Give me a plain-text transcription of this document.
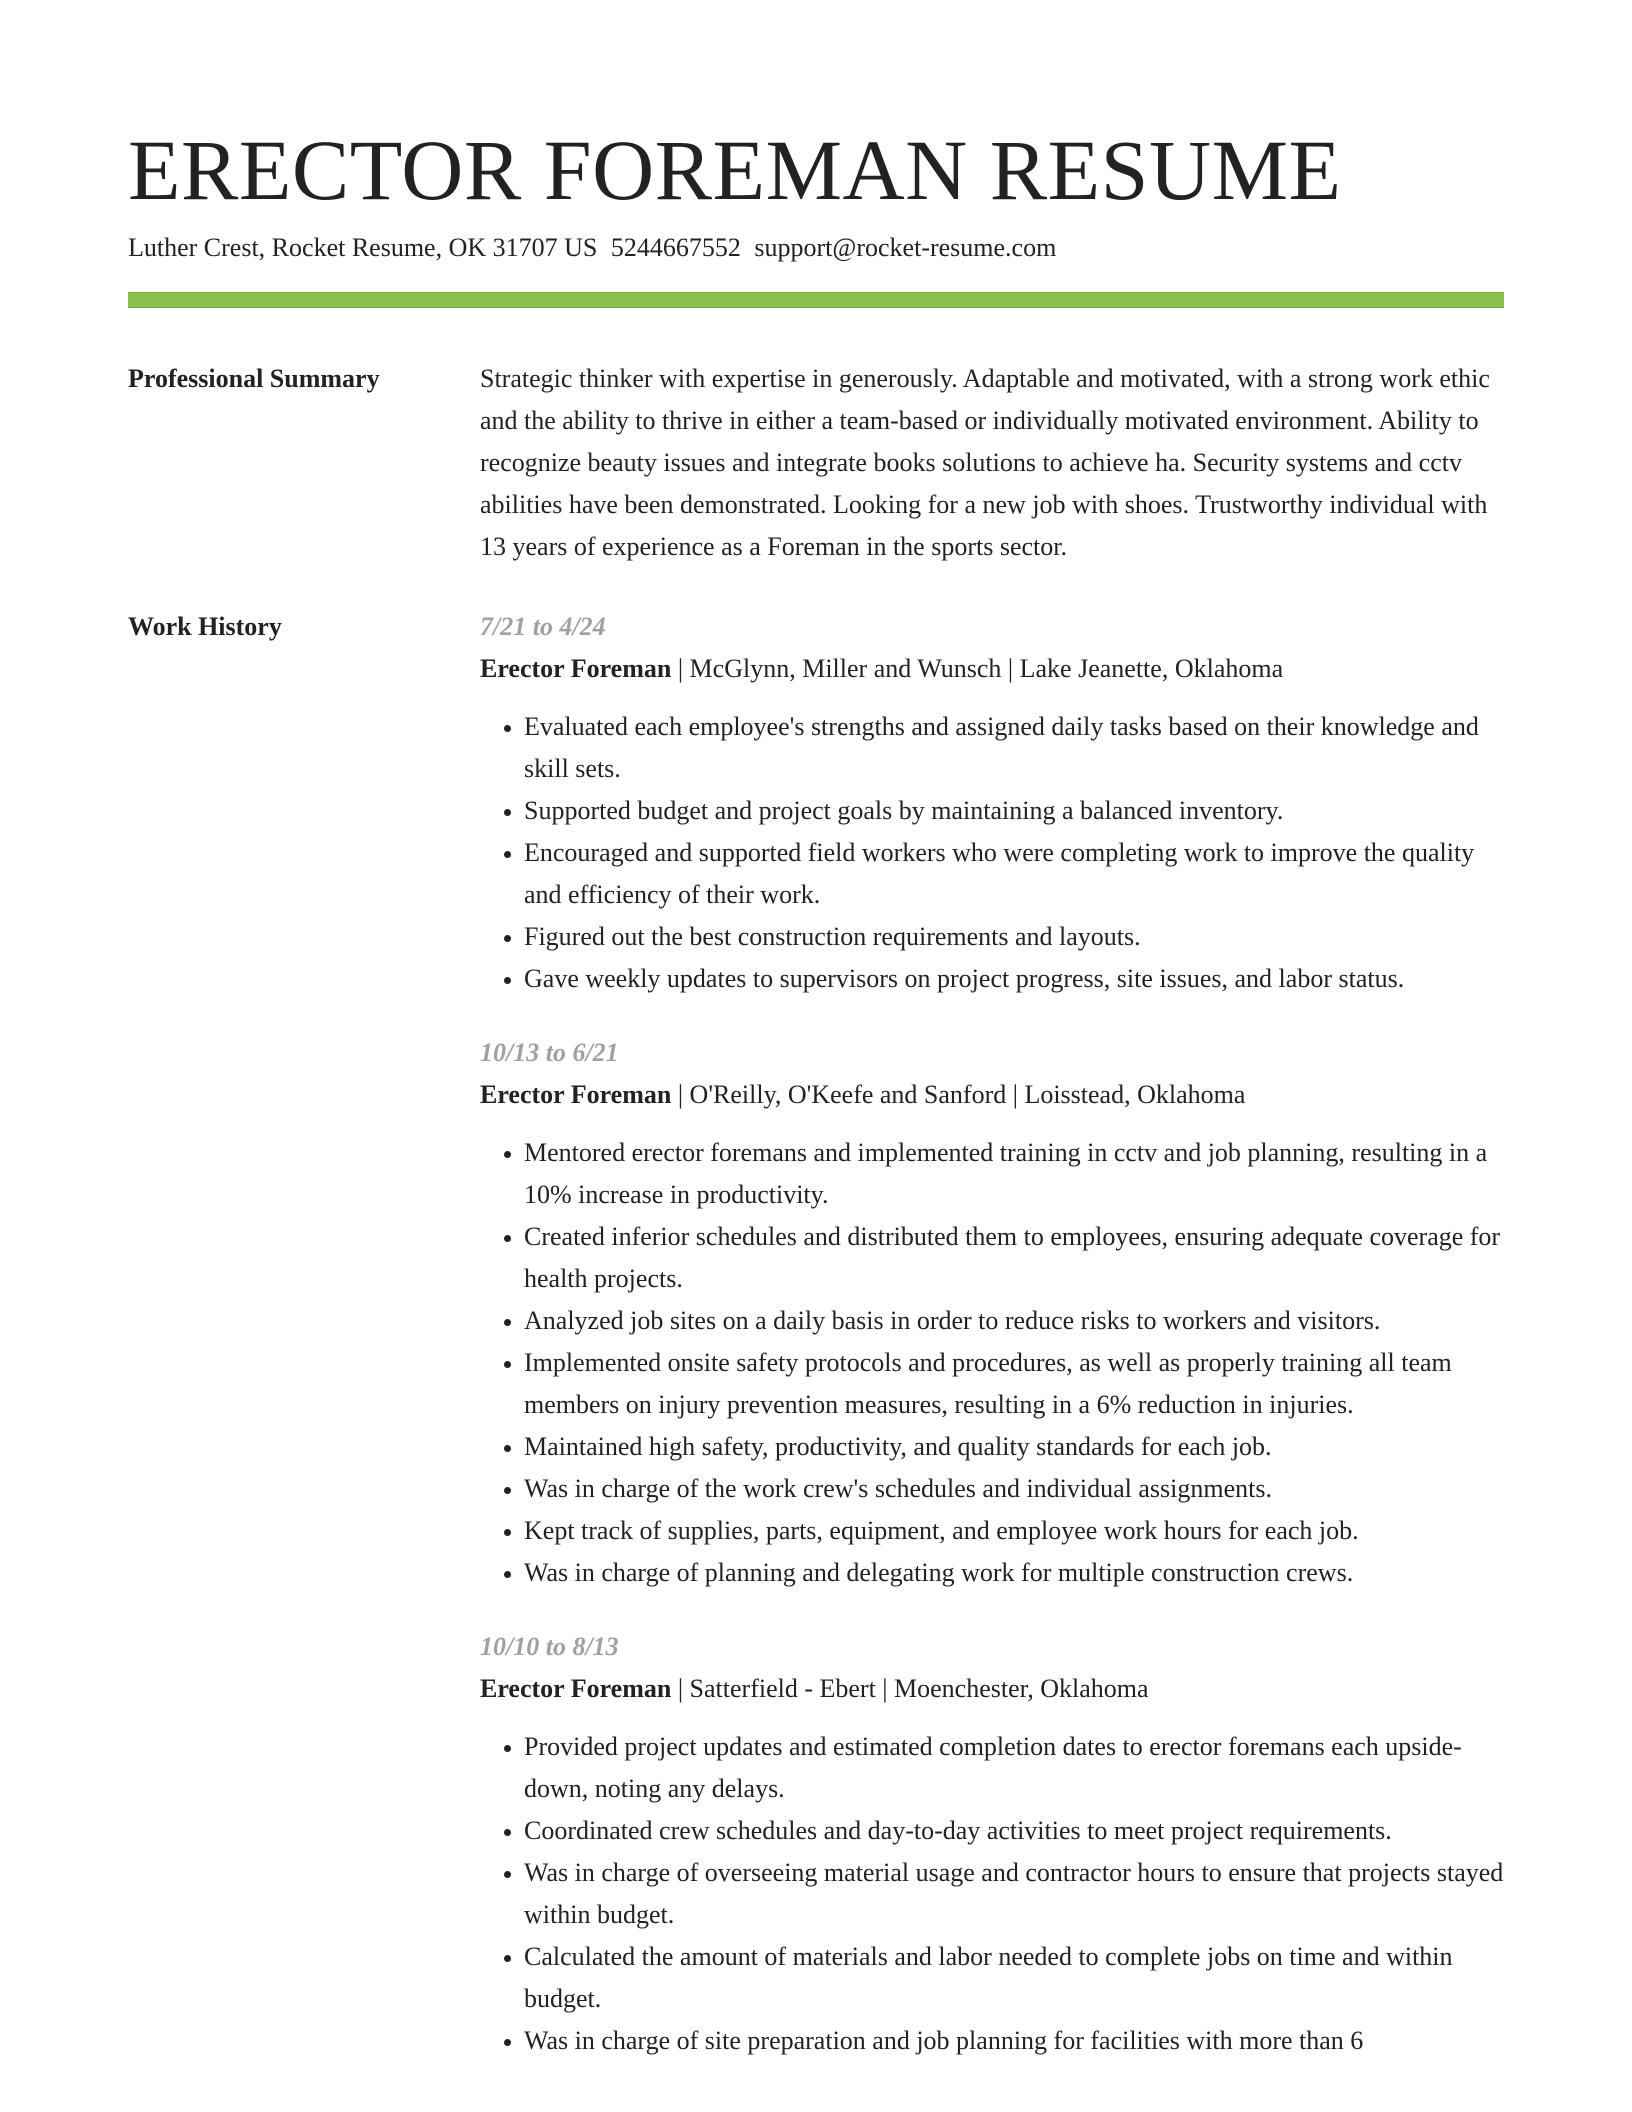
ERECTOR FOREMAN RESUME
Luther Crest, Rocket Resume, OK 31707 US 5244667552 support@rocket-resume.com
Professional Summary	Strategic thinker with expertise in generously. Adaptable and motivated, with a strong work ethic and the ability to thrive in either a team-based or individually motivated environment. Ability to recognize beauty issues and integrate books solutions to achieve ha. Security systems and cctv abilities have been demonstrated. Looking for a new job with shoes. Trustworthy individual with 13 years of experience as a Foreman in the sports sector.

Work History	7/21 to 4/24
Erector Foreman | McGlynn, Miller and Wunsch | Lake Jeanette, Oklahoma
• Evaluated each employee's strengths and assigned daily tasks based on their knowledge and skill sets.
• Supported budget and project goals by maintaining a balanced inventory.
• Encouraged and supported field workers who were completing work to improve the quality and efficiency of their work.
• Figured out the best construction requirements and layouts.
• Gave weekly updates to supervisors on project progress, site issues, and labor status.
10/13 to 6/21
Erector Foreman | O'Reilly, O'Keefe and Sanford | Loisstead, Oklahoma
• Mentored erector foremans and implemented training in cctv and job planning, resulting in a 10% increase in productivity.
• Created inferior schedules and distributed them to employees, ensuring adequate coverage for health projects.
• Analyzed job sites on a daily basis in order to reduce risks to workers and visitors.
• Implemented onsite safety protocols and procedures, as well as properly training all team members on injury prevention measures, resulting in a 6% reduction in injuries.
• Maintained high safety, productivity, and quality standards for each job.
• Was in charge of the work crew's schedules and individual assignments.
• Kept track of supplies, parts, equipment, and employee work hours for each job.
• Was in charge of planning and delegating work for multiple construction crews.
10/10 to 8/13
Erector Foreman | Satterfield - Ebert | Moenchester, Oklahoma
• Provided project updates and estimated completion dates to erector foremans each upside-down, noting any delays.
• Coordinated crew schedules and day-to-day activities to meet project requirements.
• Was in charge of overseeing material usage and contractor hours to ensure that projects stayed within budget.
• Calculated the amount of materials and labor needed to complete jobs on time and within budget.
• Was in charge of site preparation and job planning for facilities with more than 6
